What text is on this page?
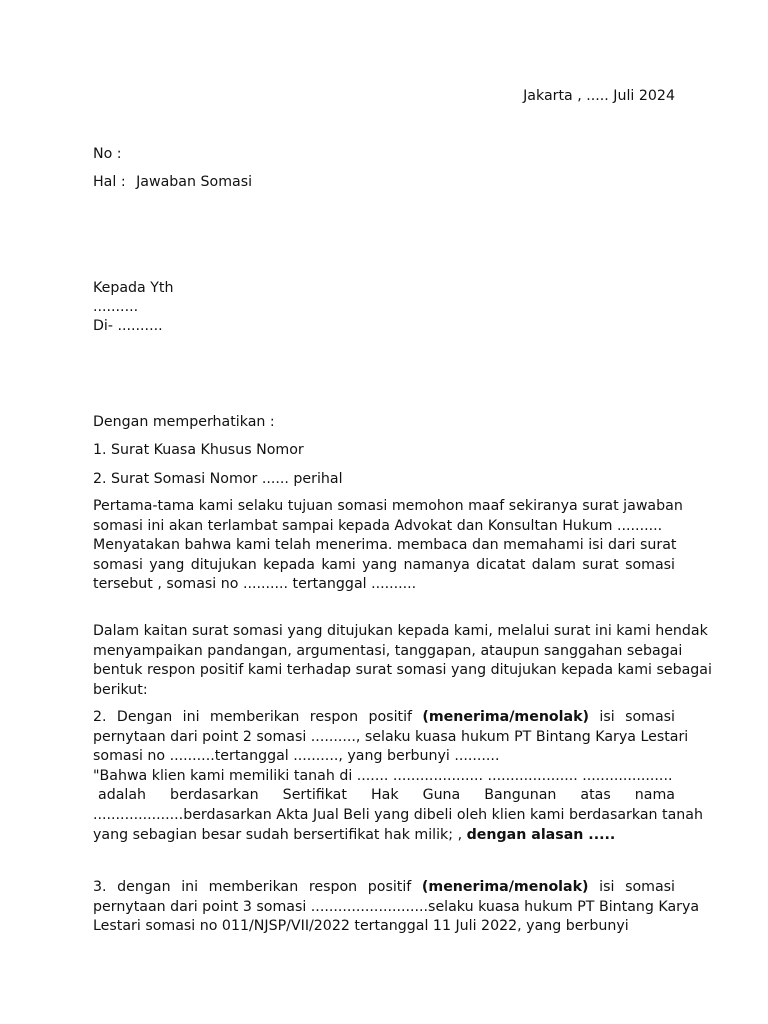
Jakarta , ..... Juli 2024
No :
Hal : Jawaban Somasi
Kepada Yth
..........
Di- ..........
Dengan memperhatikan :
1. Surat Kuasa Khusus Nomor
2. Surat Somasi Nomor ...... perihal
Pertama-tama kami selaku tujuan somasi memohon maaf sekiranya surat jawaban
somasi ini akan terlambat sampai kepada Advokat dan Konsultan Hukum ..........
Menyatakan bahwa kami telah menerima. membaca dan memahami isi dari surat
somasi yang ditujukan kepada kami yang namanya dicatat dalam surat somasi
tersebut , somasi no .......... tertanggal ..........
Dalam kaitan surat somasi yang ditujukan kepada kami, melalui surat ini kami hendak
menyampaikan pandangan, argumentasi, tanggapan, ataupun sanggahan sebagai
bentuk respon positif kami terhadap surat somasi yang ditujukan kepada kami sebagai
berikut:
2. Dengan ini memberikan respon positif (menerima/menolak) isi somasi
pernytaan dari point 2 somasi .........., selaku kuasa hukum PT Bintang Karya Lestari
somasi no ..........tertanggal .........., yang berbunyi ..........
"Bahwa klien kami memiliki tanah di ....... .................... .................... ....................
adalah berdasarkan Sertifikat Hak Guna Bangunan atas nama
....................berdasarkan Akta Jual Beli yang dibeli oleh klien kami berdasarkan tanah
yang sebagian besar sudah bersertifikat hak milik; , dengan alasan .....
3. dengan ini memberikan respon positif (menerima/menolak) isi somasi
pernytaan dari point 3 somasi ..........................selaku kuasa hukum PT Bintang Karya
Lestari somasi no 011/NJSP/VII/2022 tertanggal 11 Juli 2022, yang berbunyi
